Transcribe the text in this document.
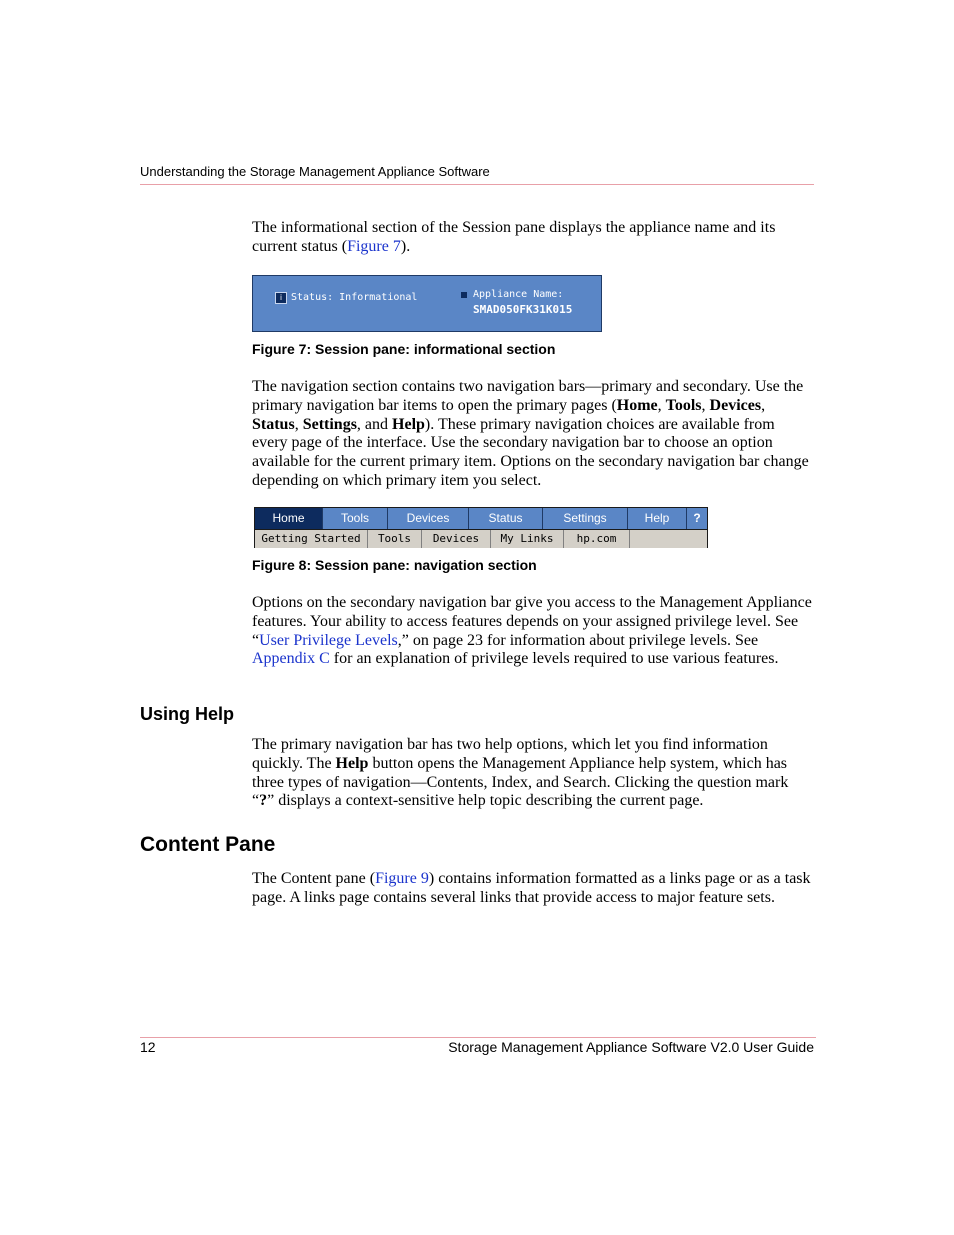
Understanding the Storage Management Appliance Software

The informational section of the Session pane displays the appliance name and its current status (Figure 7).

i Status: Informational	Appliance Name:
SMAD050FK31K015
Figure 7: Session pane: informational section

The navigation section contains two navigation bars—primary and secondary. Use the primary navigation bar items to open the primary pages (Home, Tools, Devices, Status, Settings, and Help). These primary navigation choices are available from every page of the interface. Use the secondary navigation bar to choose an option available for the current primary item. Options on the secondary navigation bar change depending on which primary item you select.

Home	Tools	Devices	Status	Settings	Help	?
Getting Started	Tools	Devices	My Links	hp.com
Figure 8: Session pane: navigation section

Options on the secondary navigation bar give you access to the Management Appliance features. Your ability to access features depends on your assigned privilege level. See “User Privilege Levels,” on page 23 for information about privilege levels. See Appendix C for an explanation of privilege levels required to use various features.

Using Help

The primary navigation bar has two help options, which let you find information quickly. The Help button opens the Management Appliance help system, which has three types of navigation—Contents, Index, and Search. Clicking the question mark “?” displays a context-sensitive help topic describing the current page.

Content Pane

The Content pane (Figure 9) contains information formatted as a links page or as a task page. A links page contains several links that provide access to major feature sets.

12	Storage Management Appliance Software V2.0 User Guide
